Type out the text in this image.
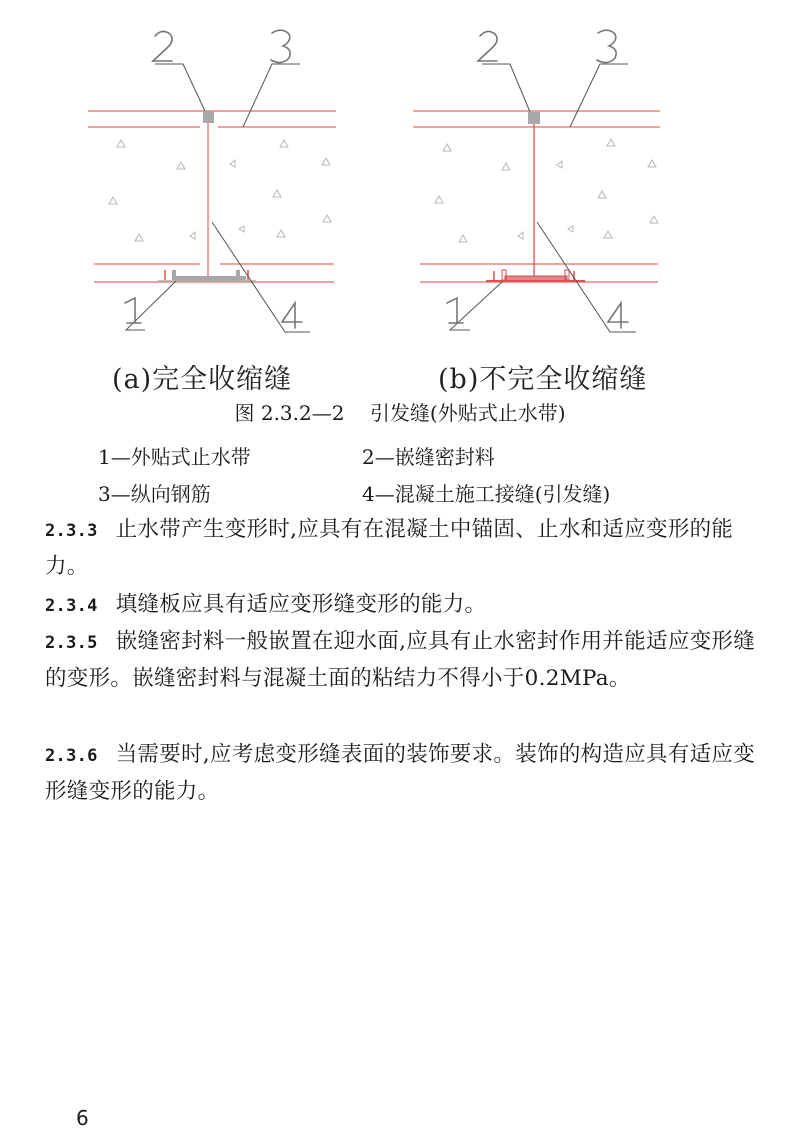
(a)完全收缩缝	(b)不完全收缩缝
图 2.3.2—2 引发缝(外贴式止水带)
1—外贴式止水带	2—嵌缝密封料
3—纵向钢筋	4—混凝土施工接缝(引发缝)
2.3.3 止水带产生变形时,应具有在混凝土中锚固、止水和适应变形的能力。
2.3.4 填缝板应具有适应变形缝变形的能力。
2.3.5 嵌缝密封料一般嵌置在迎水面,应具有止水密封作用并能适应变形缝的变形。嵌缝密封料与混凝土面的粘结力不得小于0.2MPa。
2.3.6 当需要时,应考虑变形缝表面的装饰要求。装饰的构造应具有适应变形缝变形的能力。
6
